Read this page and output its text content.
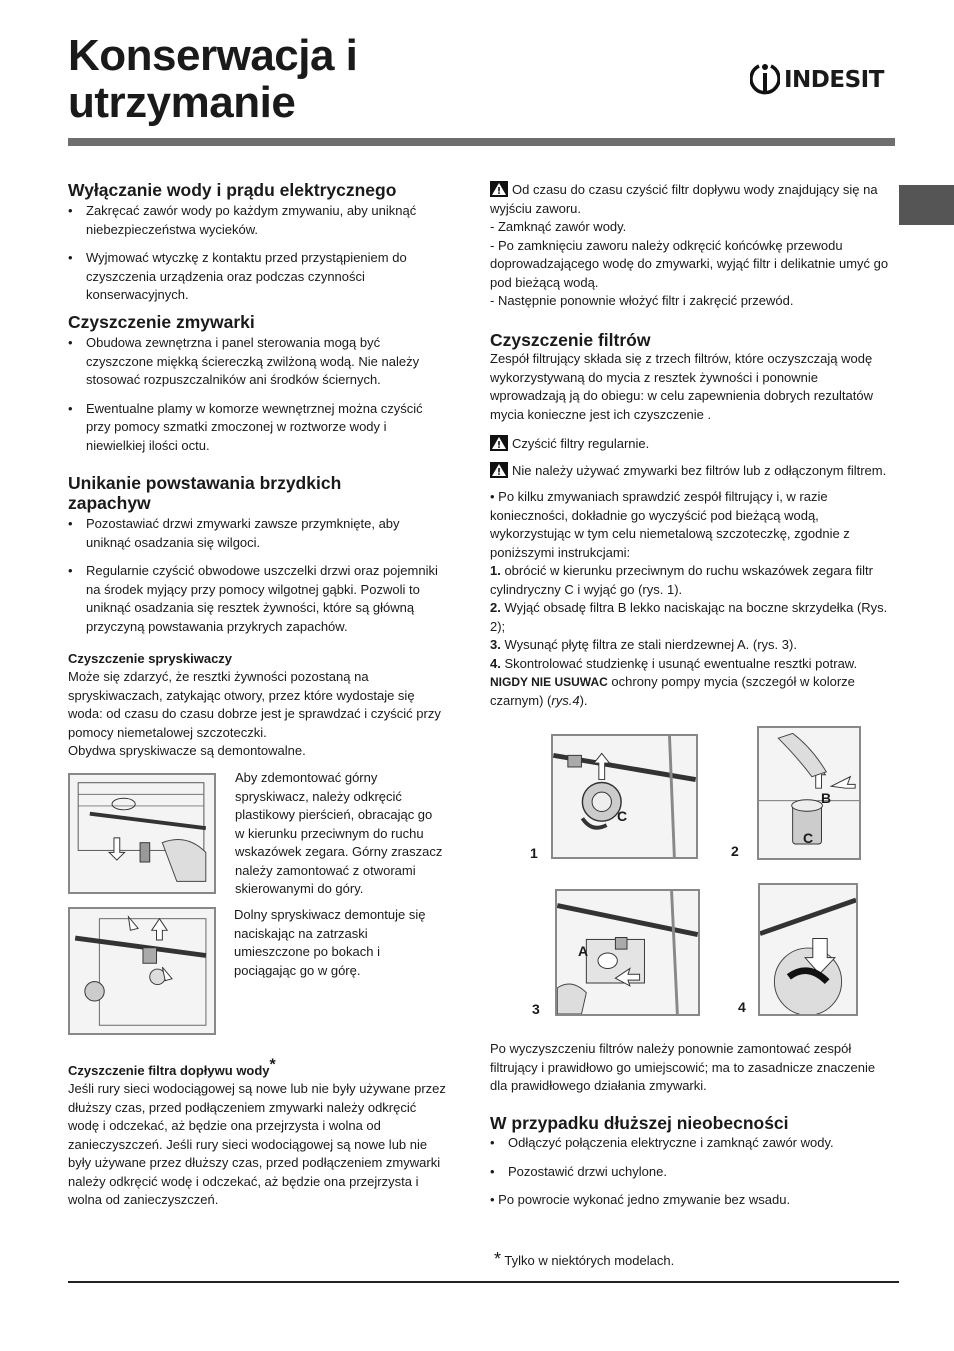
Konserwacja i
utrzymanie	INDESIT
Wyłączanie wody i prądu elektrycznego
• Zakręcać zawór wody po każdym zmywaniu, aby uniknąć niebezpieczeństwa wycieków.
• Wyjmować wtyczkę z kontaktu przed przystąpieniem do czyszczenia urządzenia oraz podczas czynności konserwacyjnych.
Czyszczenie zmywarki
• Obudowa zewnętrzna i panel sterowania mogą być czyszczone miękką ściereczką zwilżoną wodą. Nie należy stosować rozpuszczalników ani środków ściernych.
• Ewentualne plamy w komorze wewnętrznej można czyścić przy pomocy szmatki zmoczonej w roztworze wody i niewielkiej ilości octu.
Unikanie powstawania brzydkich zapachyw
• Pozostawiać drzwi zmywarki zawsze przymknięte, aby uniknąć osadzania się wilgoci.
• Regularnie czyścić obwodowe uszczelki drzwi oraz pojemniki na środek myjący przy pomocy wilgotnej gąbki. Pozwoli to uniknąć osadzania się resztek żywności, które są główną przyczyną powstawania przykrych zapachów.
Czyszczenie spryskiwaczy

Może się zdarzyć, że resztki żywności pozostaną na spryskiwaczach, zatykając otwory, przez które wydostaje się woda: od czasu do czasu dobrze jest je sprawdzać i czyścić przy pomocy niemetalowej szczoteczki.

Obydwa spryskiwacze są demontowalne.

Aby zdemontować górny spryskiwacz, należy odkręcić plastikowy pierścień, obracając go w kierunku przeciwnym do ruchu wskazówek zegara. Górny zraszacz należy zamontować z otworami skierowanymi do góry.
Dolny spryskiwacz demontuje się naciskając na zatrzaski umieszczone po bokach i pociągając go w górę.
Czyszczenie filtra dopływu wody*

Jeśli rury sieci wodociągowej są nowe lub nie były używane przez dłuższy czas, przed podłączeniem zmywarki należy odkręcić wodę i odczekać, aż będzie ona przejrzysta i wolna od zanieczyszczeń. Jeśli rury sieci wodociągowej są nowe lub nie były używane przez dłuższy czas, przed podłączeniem zmywarki należy odkręcić wodę i odczekać, aż będzie ona przejrzysta i wolna od zanieczyszczeń.

Od czasu do czasu czyścić filtr dopływu wody znajdujący się na wyjściu zaworu.

- Zamknąć zawór wody.

- Po zamknięciu zaworu należy odkręcić końcówkę przewodu doprowadzającego wodę do zmywarki, wyjąć filtr i delikatnie umyć go pod bieżącą wodą.

- Następnie ponownie włożyć filtr i zakręcić przewód.

Czyszczenie filtrów

Zespół filtrujący składa się z trzech filtrów, które oczyszczają wodę wykorzystywaną do mycia z resztek żywności i ponownie wprowadzają ją do obiegu: w celu zapewnienia dobrych rezultatów mycia konieczne jest ich czyszczenie .

Czyścić filtry regularnie.

Nie należy używać zmywarki bez filtrów lub z odłączonym filtrem.

• Po kilku zmywaniach sprawdzić zespół filtrujący i, w razie konieczności, dokładnie go wyczyścić pod bieżącą wodą, wykorzystując w tym celu niemetalową szczoteczkę, zgodnie z poniższymi instrukcjami:

1. obrócić w kierunku przeciwnym do ruchu wskazówek zegara filtr cylindryczny C i wyjąć go (rys. 1).

2. Wyjąć obsadę filtra B lekko naciskając na boczne skrzydełka (Rys. 2);

3. Wysunąć płytę filtra ze stali nierdzewnej A. (rys. 3).

4. Skontrolować studzienkę i usunąć ewentualne resztki potraw.

NIGDY NIE USUWAC ochrony pompy mycia (szczegół w kolorze czarnym) (rys.4).

C
1
B
C
2
A
3	4

Po wyczyszczeniu filtrów należy ponownie zamontować zespół filtrujący i prawidłowo go umiejscowić; ma to zasadnicze znaczenie dla prawidłowego działania zmywarki.

W przypadku dłuższej nieobecności
• Odłączyć połączenia elektryczne i zamknąć zawór wody.
• Pozostawić drzwi uchylone.

• Po powrocie wykonać jedno zmywanie bez wsadu.

* Tylko w niektórych modelach.
